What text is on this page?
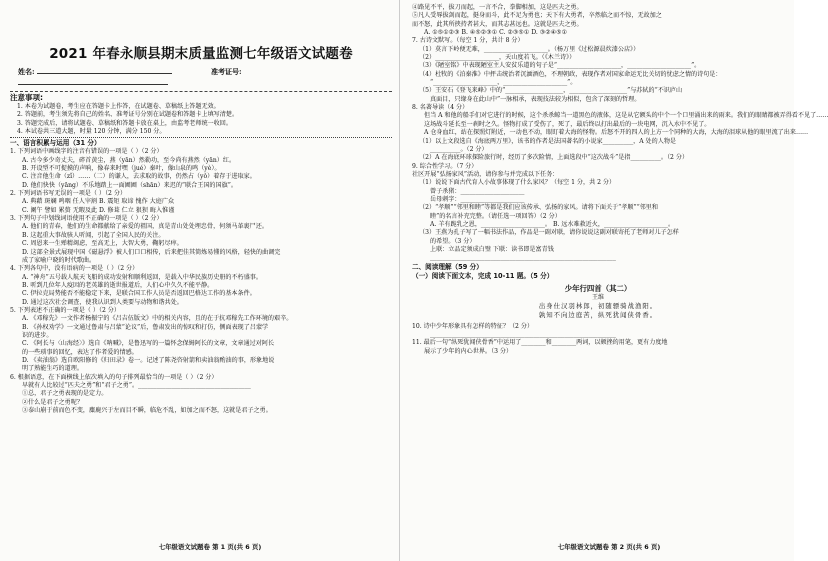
2021 年春永顺县期末质量监测七年级语文试题卷
姓名:	准考证号:
注意事项:
1. 本卷为试题卷，考生应在答题卡上作答，在试题卷、草稿纸上答题无效。
2. 答题前，考生须先将自己的姓名、准考证号分别在试题卷和答题卡上填写清楚。
3. 答题完成后，请将试题卷、草稿纸和答题卡放在桌上，由监考老师统一收回。
4. 本试卷共三道大题，时量 120 分钟，满分 150 分。
一、语言积累与运用（31 分）
1. 下列词语中画线字的注音有错误的一项是（ ）（2 分）
A. 古今多少奇丈夫，碎首黄尘，燕（yān）然勒功，至今尚有燕然（yān）红。
B. 开设型不可捉摸的声响，像春来时嘿（jué）秦叶，像山泉的鸣（yè）。
C. 注音他生命（zǐ）……（二）的谦人，去求取的故事，仍然占（yǒ）着存于进取家。
D. 他们快快（yāng）不乐地踏上一面圃圃（shān）来迟的“联合王国的国旗”。
2. 下列词语书写无误的一项是（ ）（2 分）
A. 典藉 斑斓 鸣咽 任人宰割 B. 震矩 取谛 愧作 大庭广众
C. 阑午 譬如 累赘 无暇及此 D. 修葺 仁立 狠狈 晦入惟谨
3. 下列句子中划线词语使用不正确的一项是（ ）（2 分）
A. 他们的青春，他们的生命都献给了亲爱的祖国，真是青山处处埋忠骨，何须马革裹尸还。
B. 这起重大事故骇人听闻，引起了全国人民的关注。
C. 周恩来一生殚精竭虑，至高无上，大智大勇，鞠躬尽瘁。
D. 这部全景式展现中国《磁悬浮》被人们口口相传，后来把佳其简炼易懂的风格，轻快的曲调完
成了家喻户晓的时代歌曲。
4. 下列各句中，没有语病的一项是（ ）（2 分）
A. “神舟”五号载人航天飞船的成功发射和顺利返回，是载入中华民族历史册的不朽盛事。
B. 听到几位年人疫因的老英雄的逝世报道后，人们心中久久不能平静。
C. 伊拉克局势能否不能稳定下来，是联合国工作人员是否返回巴格达工作的基本条件。
D. 通过这次社会调查，使我认识到人类要与动物和谐共处。
5. 下列表述不正确的一项是（ ）（2 分）
A. 《邓稼先》一文作者杨振宁的《吕吉伍版文》中的相关内容，且的在于抗邓稼先工作环境的艰辛。
B. 《孙权劝学》一文通过鲁肃与吕蒙“论议”后，鲁肃发出的惊叹和打仿，侧面表现了吕蒙学
识的进步。
C. 《阿长与〈山海经〉》选自《呐喊》，是鲁迅写的一篇怀念保姆阿长的文章，文章通过对阿长
的一些琐事的回忆，表达了作者爱的情感。
D. 《卖油翁》选自欧阳修的《归田录》卷一。记述了陈尧咨射箭和卖油翁酌油的事，形象地说
明了熟能生巧的道理。
6. 根据语意，在下面横线上依次填入的句子排列最恰当的一项是（ ）（2 分）
早就有人比较过“匹夫之勇”和“君子之勇”。_____________________________________
①总，君子之勇表现的是定力。
②什么是君子之勇呢？
③泰山崩于前而色不变，麋鹿兴于左而目不瞬，临危不乱，如加之而不怒，这就是君子之勇。
七年级语文试题卷 第 1 页(共 6 页)
④路见不平，拔刀而起，一言不合，拳脚相加，这是匹夫之勇。
⑤凡人受辱拔剑而起，挺身而斗，此不足为勇也；天下有大勇者，卒然临之而不惊，无故加之
而不怒，此其所挟持者甚大，而其志甚远也。这就是匹夫之勇。
A. ①⑤①②③ B. ④⑤②③① C. ②③⑤① D. ③②④⑤①
7. 古诗文默写。（每空 1 分，共计 8 分）
（1）莫言下岭便无难，_____________________。（杨万里《过松源晨炊漆公店》）
（2）_____________________，天山度若飞。（《木兰诗》）
（3）《陋室铭》中表现陋室主人安贫乐道的句子是“_____________________，_____________________”。
（4）杜牧的《泊秦淮》中抨击统治者沉湎酒色，不理朝政，表现作者对国家命运无比关切的忧虑之情的诗句是：
“_____________________，_____________________”。
（5）王安石《登飞来峰》中的“___________________，___________________”与苏轼的“不识庐山
真面目，只缘身在此山中”一脉相承，表现技法较为相似，包含了深刻的哲理。
8. 名著导读（4 分）
但当 A 和他的船手们对它进行的时候，这个杀杀鲸当一道黑色的液体，这是从它额头的中个一个口里涌出来的雨来。我们的眼睛都被弄得看不见了……
这场战斗延长至一刹时之久。怪物打成了受伤了，死了，最后终以打出最后的一块电网，沉入水中不见了。
A 仓身血红，站在探照灯附近，一动也不动，眼盯着大海的怪物。后怒不开的四人的上方一个同种的大海，大海的泪球从他的眼里流了出来……
（1）以上文段选自《海底两万里》，该书的作者是法国著名的小说家__________，A 处的人物是
__________。（2 分）
（2）A 在海底环球探险旅行时，经历了多次险情，上面选段中“这次战斗”是指__________。（2 分）
9. 综合性学习。（7 分）
社区开展“弘扬家风”活动，请你参与并完成以下任务：
（1）说说下面古代育人小故事体现了什么家风？（每空 1 分，共 2 分）
曾子杀猪：_____________________
岳母刺字：_____________________
（2）“孝顺”“邻里和睦”等都是我们应该传承、弘扬的家风。请将下面关于“孝顺”“邻里和
睦”的名言补充完整。（请任选一项回答）（2 分）
A. 羊有跪乳之恩，_____________________。 B. 远水难救近火，_____________________。
（3）王燕为孔子写了一幅书法作品，作品是一副对联，请你说说这副对联寄托了老师对儿子怎样
的希望。（3 分）
上联：立品定须成白璧 下联：读书即是富青钱
_____________________________________________________________
二、阅读理解（59 分）
（一）阅读下面文本，完成 10-11 题。（5 分）
少年行四首（其二）
王维
出身仕汉羽林郎，初随骠骑战渔阳。
孰知不向边庭苦，纵死犹闻侠骨香。
10. 诗中少年形象具有怎样的特征？（2 分）
_____________________________________________________________
11. 最后一句“纵死犹闻侠骨香”中运用了________和________两词，以顿挫的用笔，更有力度地
展示了少年的内心世界。（3 分）
七年级语文试题卷 第 2 页(共 6 页)
